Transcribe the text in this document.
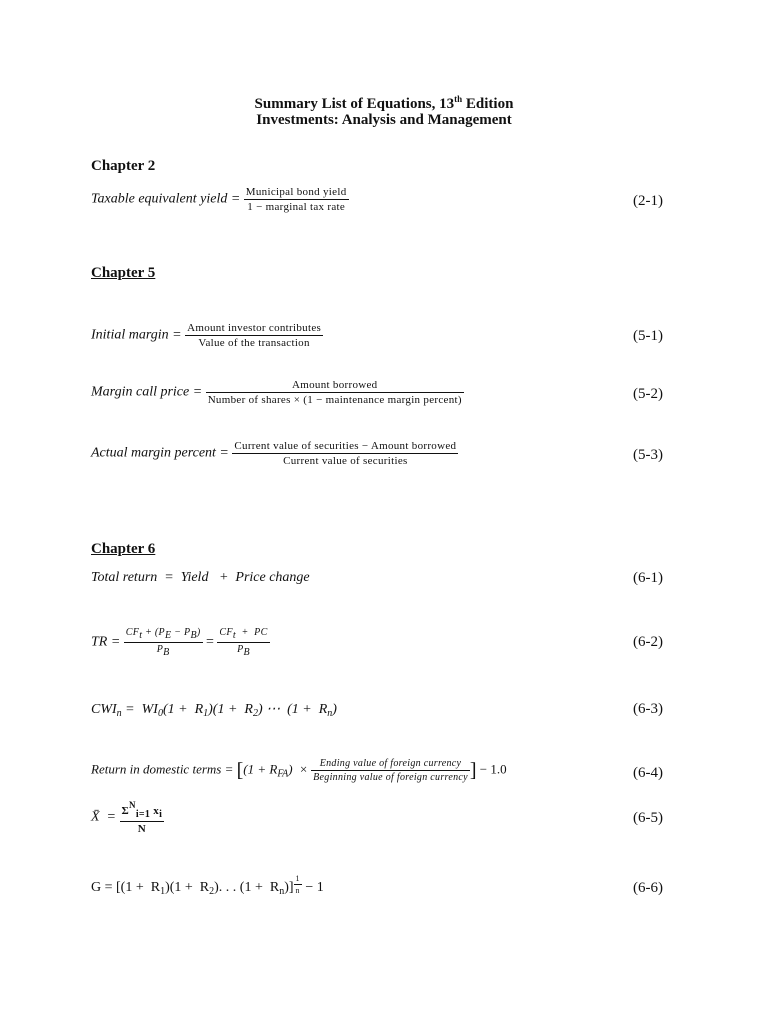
Summary List of Equations, 13th Edition
Investments: Analysis and Management
Chapter 2
Taxable equivalent yield = $\frac{\text{Municipal bond yield}}{\text{1 − marginal tax rate}}$	(2-1)
Chapter 5
Initial margin = $\frac{\text{Amount investor contributes}}{\text{Value of the transaction}}$	(5-1)
Margin call price = $\frac{\text{Amount borrowed}}{\text{Number of shares × (1 − maintenance margin percent)}}$	(5-2)
Actual margin percent = $\frac{\text{Current value of securities − Amount borrowed}}{\text{Current value of securities}}$	(5-3)
Chapter 6
Total return  =  Yield   +  Price change	(6-1)
TR = $\frac{\text{CFt + (PE − PB)}}{PB} = \frac{\text{CFt  +  PC}}{PB}$	(6-2)
$CWI_n = WI_0(1 + R_1)(1 + R_2)$ ⋯  $(1 + R_n)$	(6-3)
Return in domestic terms = [$(1 + R_{FA}) \times \frac{\text{Ending value of foreign currency}}{\text{Beginning value of foreign currency}}$ ] − 1.0	(6-4)
X̄  = $\frac{\Sigma^Ni=1 xi}{N}$	(6-5)
$G = [(1 + R_1)(1 + R_2)$. . . $(1 + R_n)] \frac{1}{n} - 1$	(6-6)
